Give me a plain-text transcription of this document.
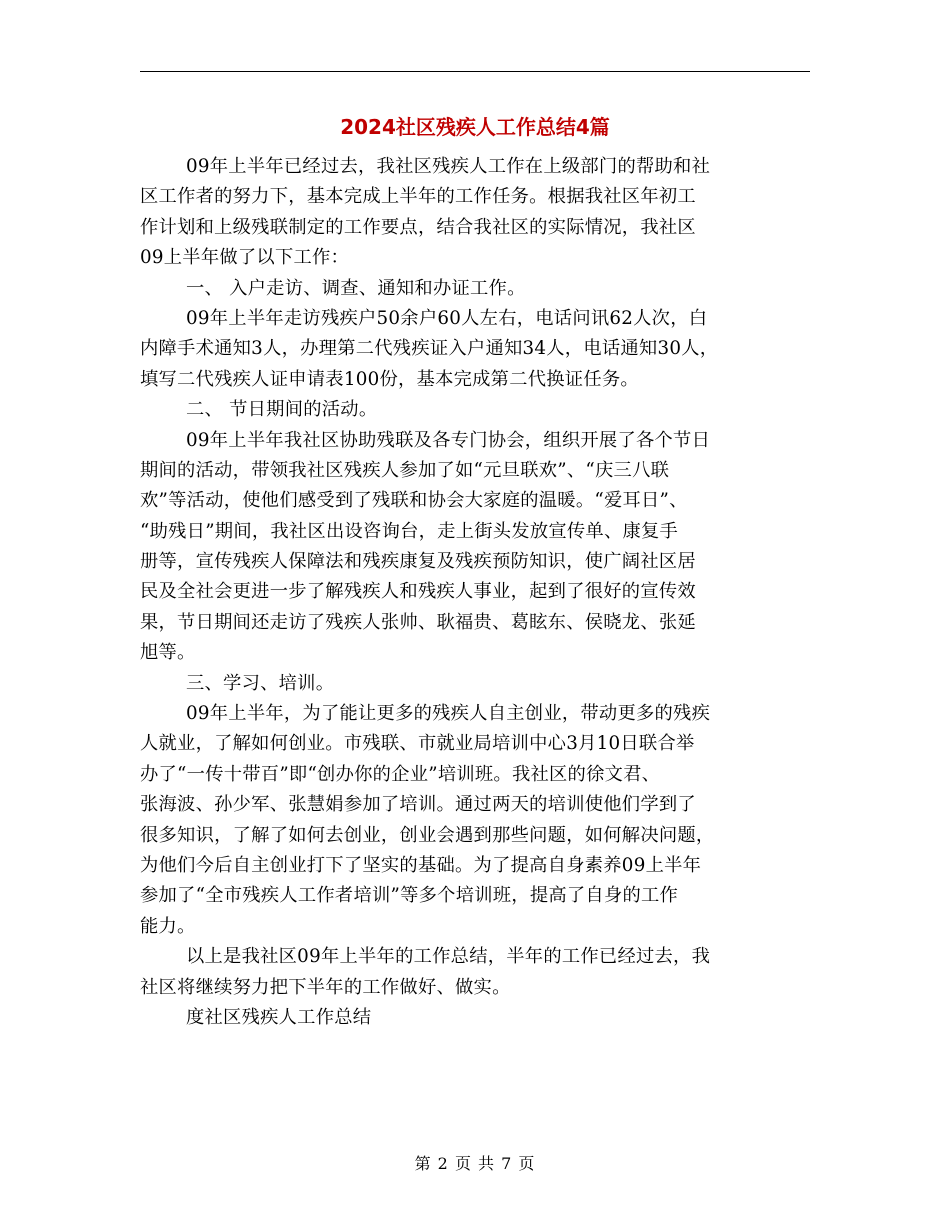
2024社区残疾人工作总结4篇
09年上半年已经过去，我社区残疾人工作在上级部门的帮助和社
区工作者的努力下，基本完成上半年的工作任务。根据我社区年初工
作计划和上级残联制定的工作要点，结合我社区的实际情况，我社区
09上半年做了以下工作：
一、 入户走访、调查、通知和办证工作。
09年上半年走访残疾户50余户60人左右，电话问讯62人次，白
内障手术通知3人，办理第二代残疾证入户通知34人，电话通知30人，
填写二代残疾人证申请表100份，基本完成第二代换证任务。
二、 节日期间的活动。
09年上半年我社区协助残联及各专门协会，组织开展了各个节日
期间的活动，带领我社区残疾人参加了如“元旦联欢”、“庆三八联
欢”等活动，使他们感受到了残联和协会大家庭的温暖。“爱耳日”、
“助残日”期间，我社区出设咨询台，走上街头发放宣传单、康复手
册等，宣传残疾人保障法和残疾康复及残疾预防知识，使广阔社区居
民及全社会更进一步了解残疾人和残疾人事业，起到了很好的宣传效
果，节日期间还走访了残疾人张帅、耿福贵、葛眩东、侯晓龙、张延
旭等。
三、学习、培训。
09年上半年，为了能让更多的残疾人自主创业，带动更多的残疾
人就业，了解如何创业。市残联、市就业局培训中心3月10日联合举
办了“一传十带百”即“创办你的企业”培训班。我社区的徐文君、
张海波、孙少军、张慧娟参加了培训。通过两天的培训使他们学到了
很多知识，了解了如何去创业，创业会遇到那些问题，如何解决问题，
为他们今后自主创业打下了坚实的基础。为了提高自身素养09上半年
参加了“全市残疾人工作者培训”等多个培训班，提高了自身的工作
能力。
以上是我社区09年上半年的工作总结，半年的工作已经过去，我
社区将继续努力把下半年的工作做好、做实。
度社区残疾人工作总结
第 2 页 共 7 页
